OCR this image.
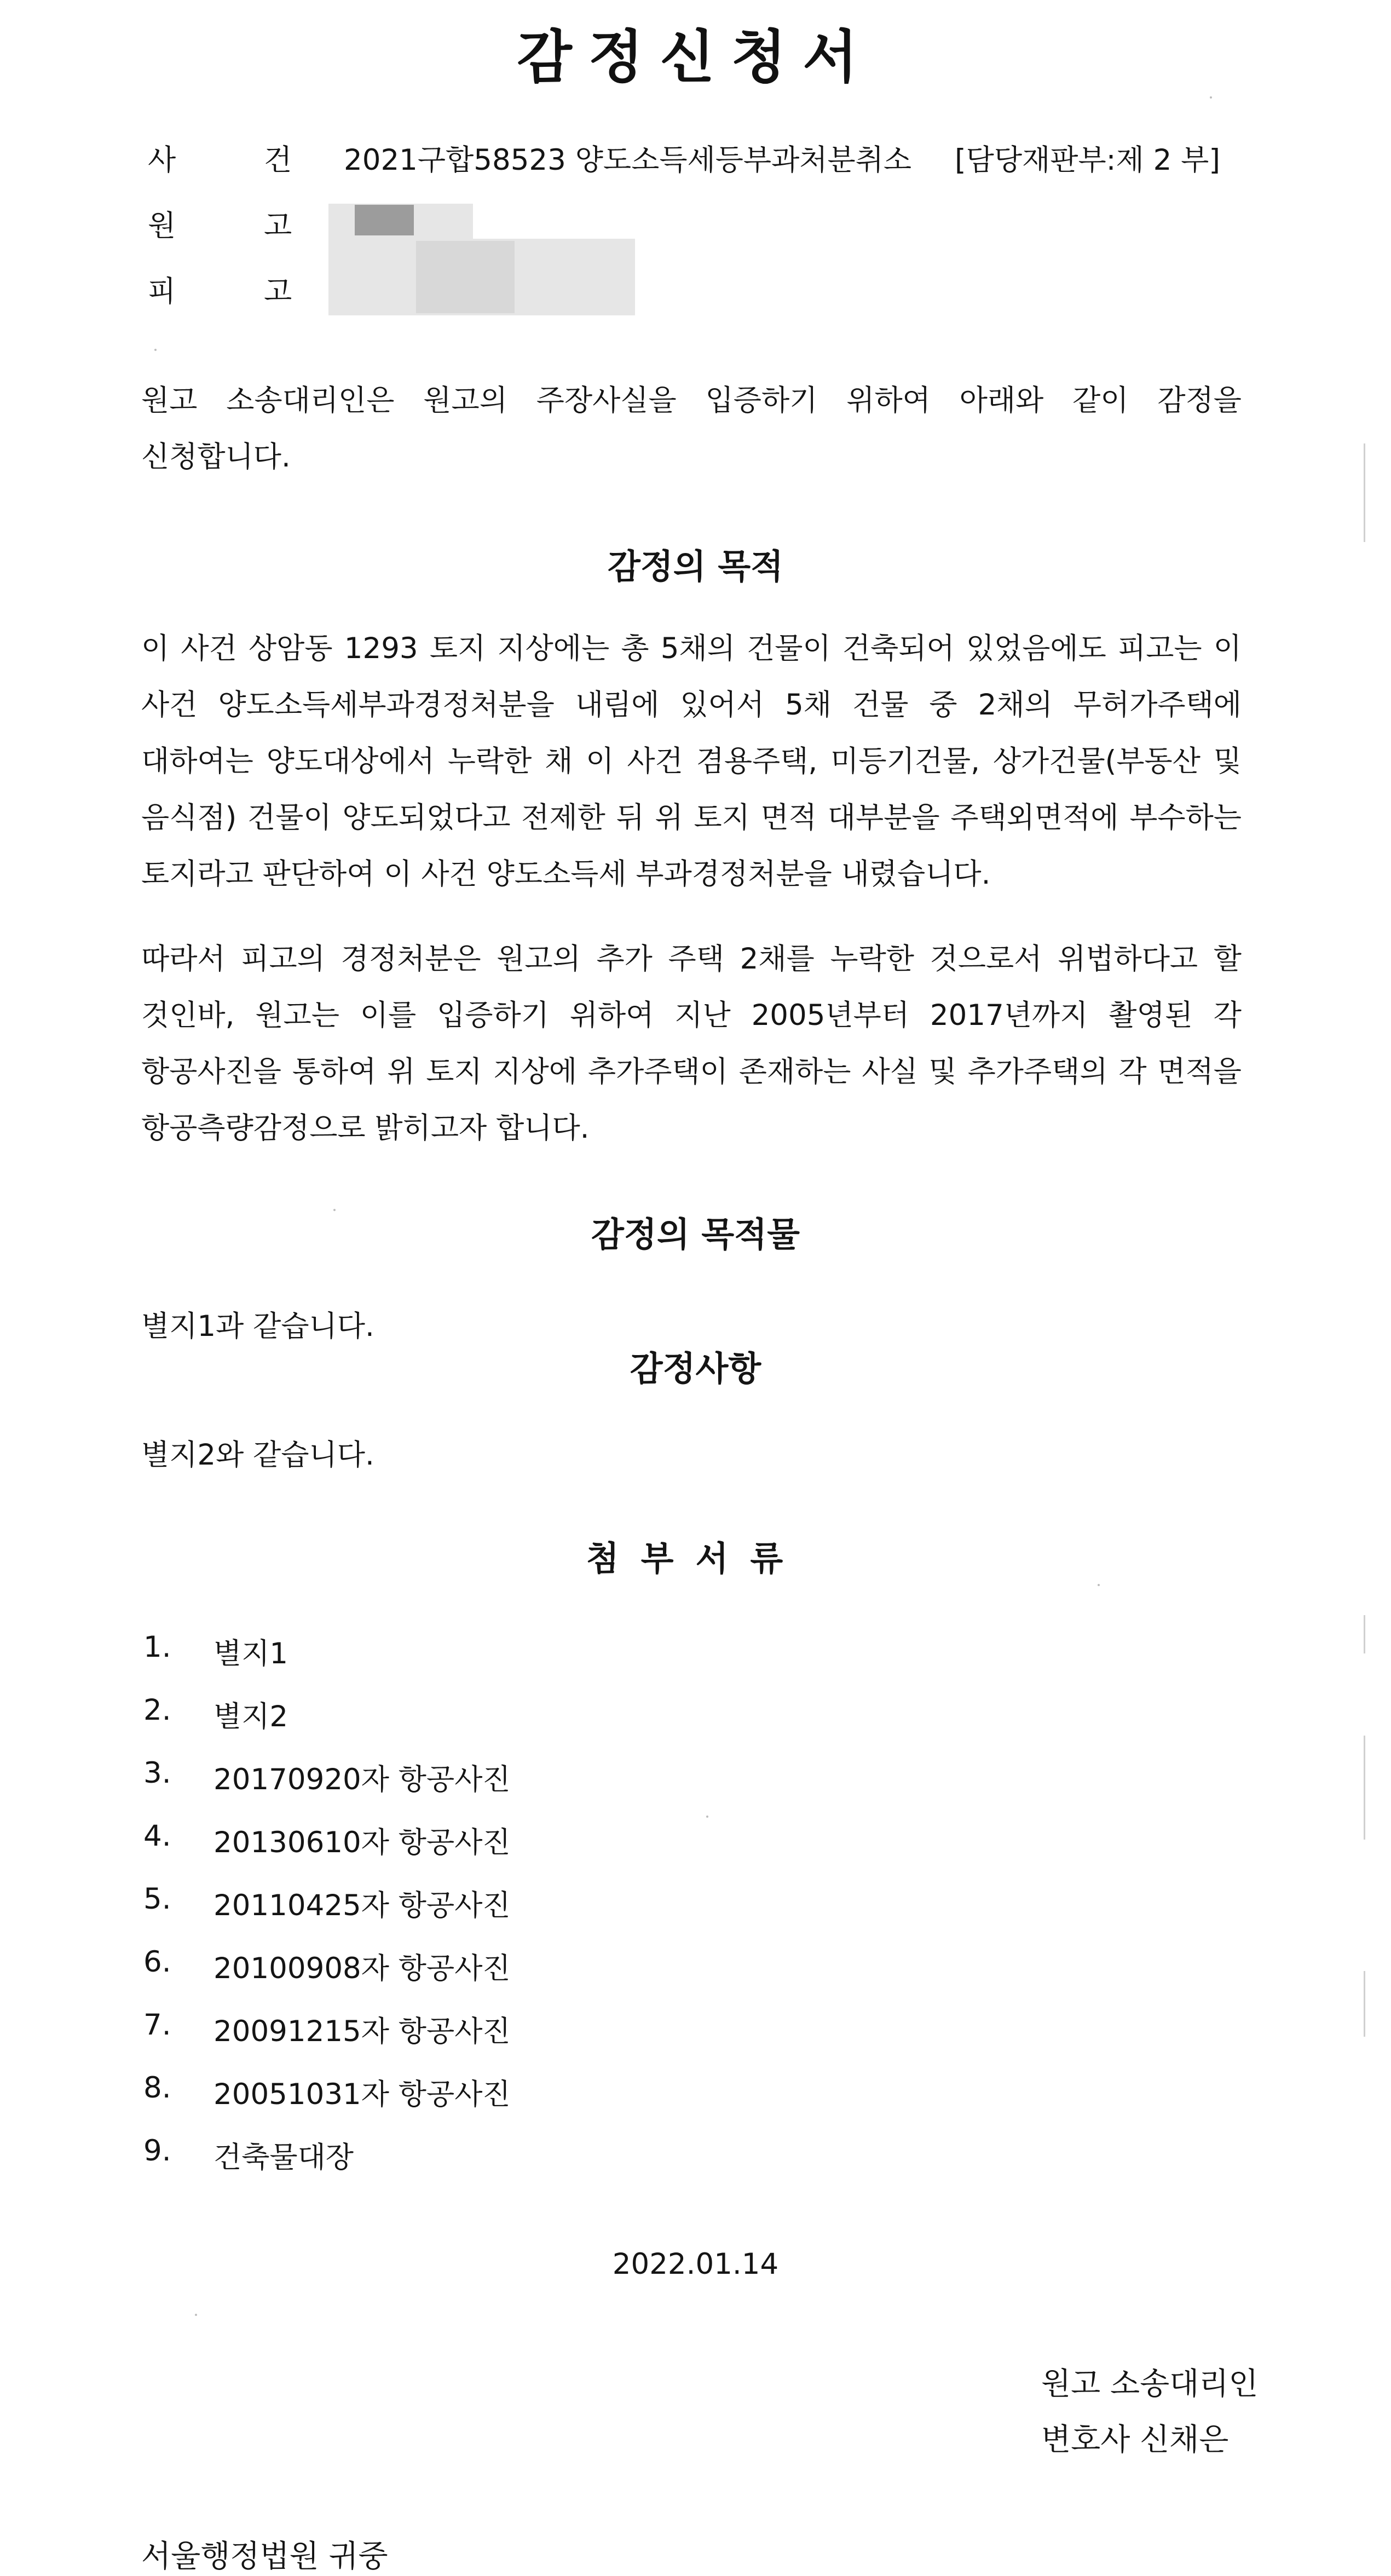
감정신청서
사	건 2021구합58523 양도소득세등부과처분취소 [담당재판부:제 2 부]
원	고
피	고
원고 소송대리인은 원고의 주장사실을 입증하기 위하여 아래와 같이 감정을 신청합니다.
감정의 목적
이 사건 상암동 1293 토지 지상에는 총 5채의 건물이 건축되어 있었음에도 피고는 이 사건 양도소득세부과경정처분을 내림에 있어서 5채 건물 중 2채의 무허가주택에 대하여는 양도대상에서 누락한 채 이 사건 겸용주택, 미등기건물, 상가건물(부동산 및 음식점) 건물이 양도되었다고 전제한 뒤 위 토지 면적 대부분을 주택외면적에 부수하는 토지라고 판단하여 이 사건 양도소득세 부과경정처분을 내렸습니다.
따라서 피고의 경정처분은 원고의 추가 주택 2채를 누락한 것으로서 위법하다고 할 것인바, 원고는 이를 입증하기 위하여 지난 2005년부터 2017년까지 촬영된 각 항공사진을 통하여 위 토지 지상에 추가주택이 존재하는 사실 및 추가주택의 각 면적을 항공측량감정으로 밝히고자 합니다.
감정의 목적물
별지1과 같습니다.
감정사항
별지2와 같습니다.
첨부서류
1. 별지1
2. 별지2
3. 20170920자 항공사진
4. 20130610자 항공사진
5. 20110425자 항공사진
6. 20100908자 항공사진
7. 20091215자 항공사진
8. 20051031자 항공사진
9. 건축물대장
2022.01.14
원고 소송대리인
변호사 신채은
서울행정법원 귀중
